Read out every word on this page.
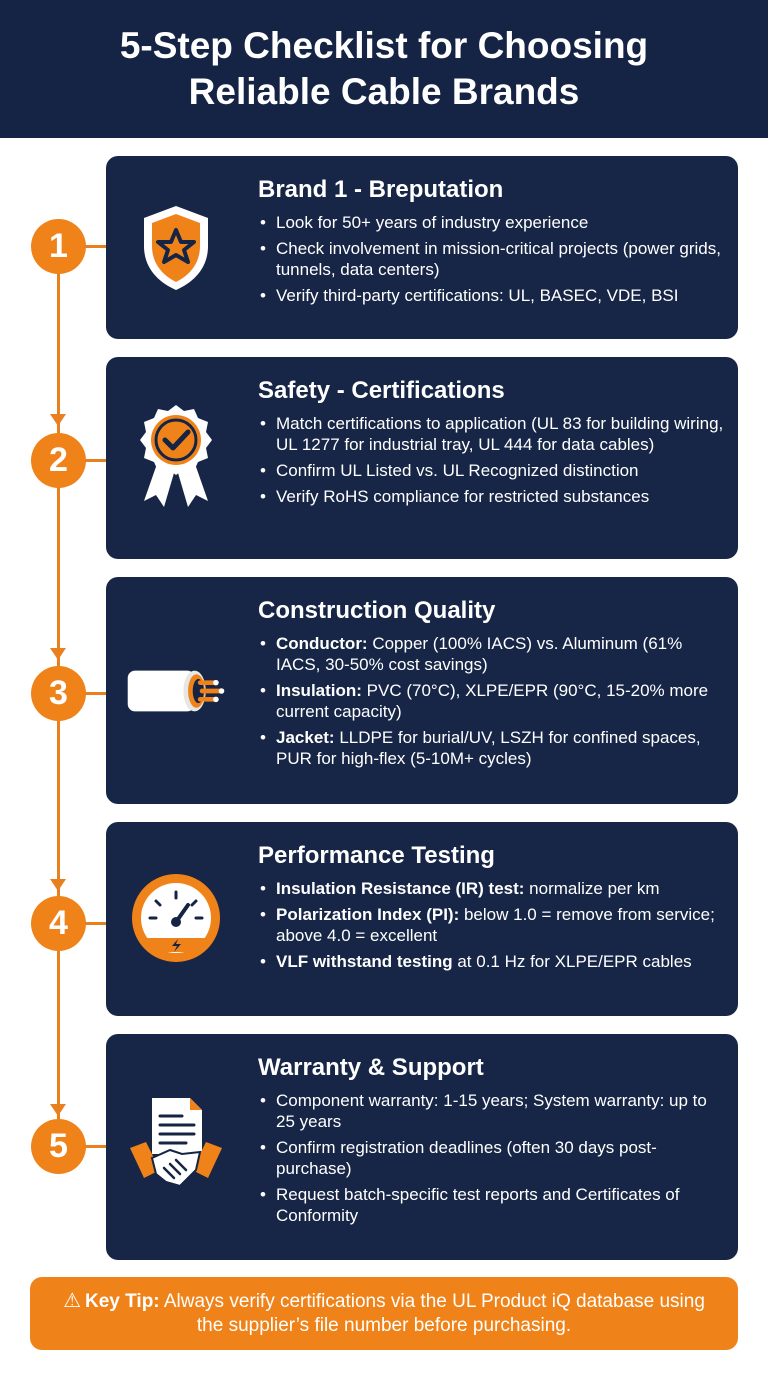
5-Step Checklist for Choosing Reliable Cable Brands
1
Brand 1 - Breputation
• Look for 50+ years of industry experience
• Check involvement in mission-critical projects (power grids, tunnels, data centers)
• Verify third-party certifications: UL, BASEC, VDE, BSI
2
Safety - Certifications
• Match certifications to application (UL 83 for building wiring, UL 1277 for industrial tray, UL 444 for data cables)
• Confirm UL Listed vs. UL Recognized distinction
• Verify RoHS compliance for restricted substances
3
Construction Quality
• Conductor: Copper (100% IACS) vs. Aluminum (61% IACS, 30-50% cost savings)
• Insulation: PVC (70°C), XLPE/EPR (90°C, 15-20% more current capacity)
• Jacket: LLDPE for burial/UV, LSZH for confined spaces, PUR for high-flex (5-10M+ cycles)
4
Performance Testing
• Insulation Resistance (IR) test: normalize per km
• Polarization Index (PI): below 1.0 = remove from service; above 4.0 = excellent
• VLF withstand testing at 0.1 Hz for XLPE/EPR cables
5
Warranty & Support
• Component warranty: 1-15 years; System warranty: up to 25 years
• Confirm registration deadlines (often 30 days post-purchase)
• Request batch-specific test reports and Certificates of Conformity
⚠ Key Tip: Always verify certifications via the UL Product iQ database using the supplier’s file number before purchasing.
